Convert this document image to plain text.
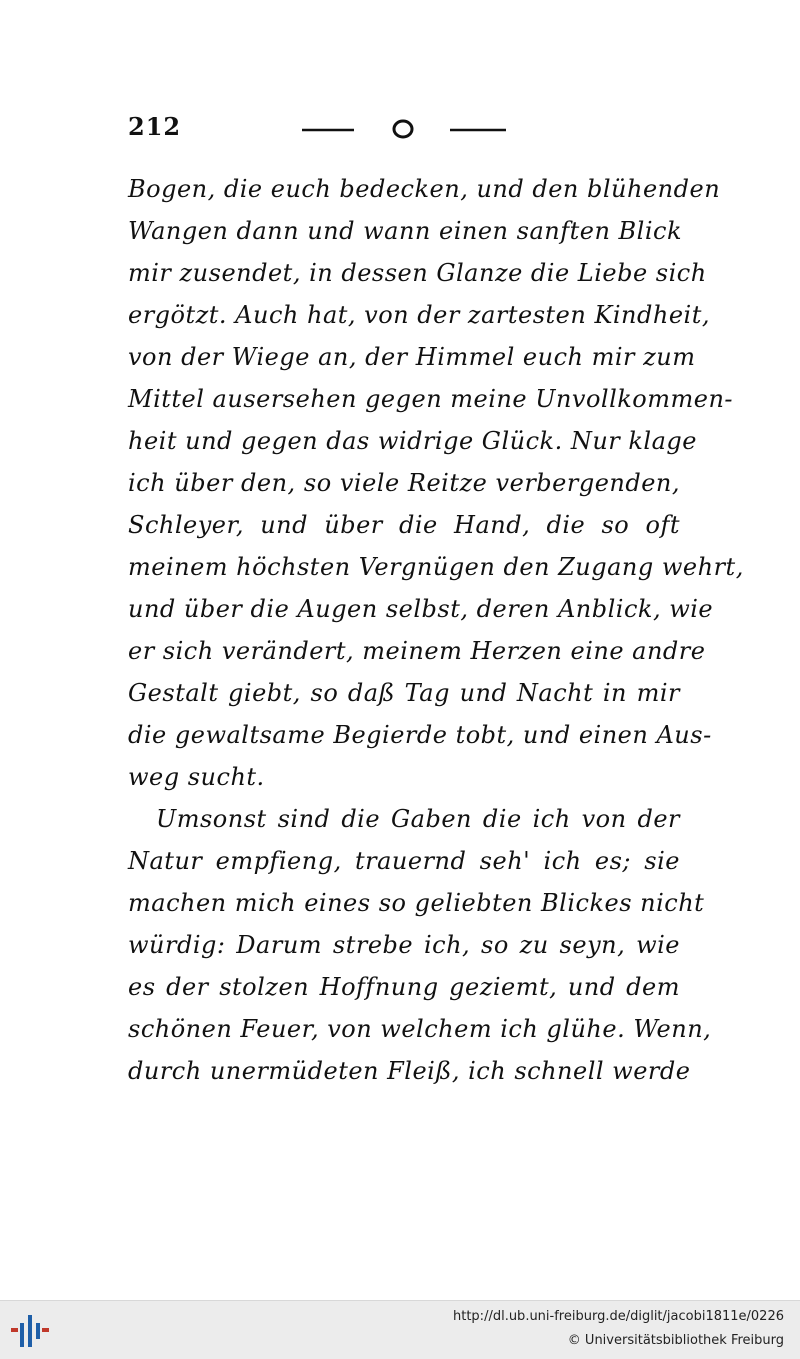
212
Bogen, die euch bedecken, und den blühenden
Wangen dann und wann einen sanften Blick
mir zusendet, in dessen Glanze die Liebe sich
ergötzt. Auch hat, von der zartesten Kindheit,
von der Wiege an, der Himmel euch mir zum
Mittel ausersehen gegen meine Unvollkommen-
heit und gegen das widrige Glück. Nur klage
ich über den, so viele Reitze verbergenden,
Schleyer, und über die Hand, die so oft
meinem höchsten Vergnügen den Zugang wehrt,
und über die Augen selbst, deren Anblick, wie
er sich verändert, meinem Herzen eine andre
Gestalt giebt, so daß Tag und Nacht in mir
die gewaltsame Begierde tobt, und einen Aus-
weg sucht.
Umsonst sind die Gaben die ich von der
Natur empfieng, trauernd seh' ich es; sie
machen mich eines so geliebten Blickes nicht
würdig: Darum strebe ich, so zu seyn, wie
es der stolzen Hoffnung geziemt, und dem
schönen Feuer, von welchem ich glühe. Wenn,
durch unermüdeten Fleiß, ich schnell werde
http://dl.ub.uni-freiburg.de/diglit/jacobi1811e/0226
© Universitätsbibliothek Freiburg
